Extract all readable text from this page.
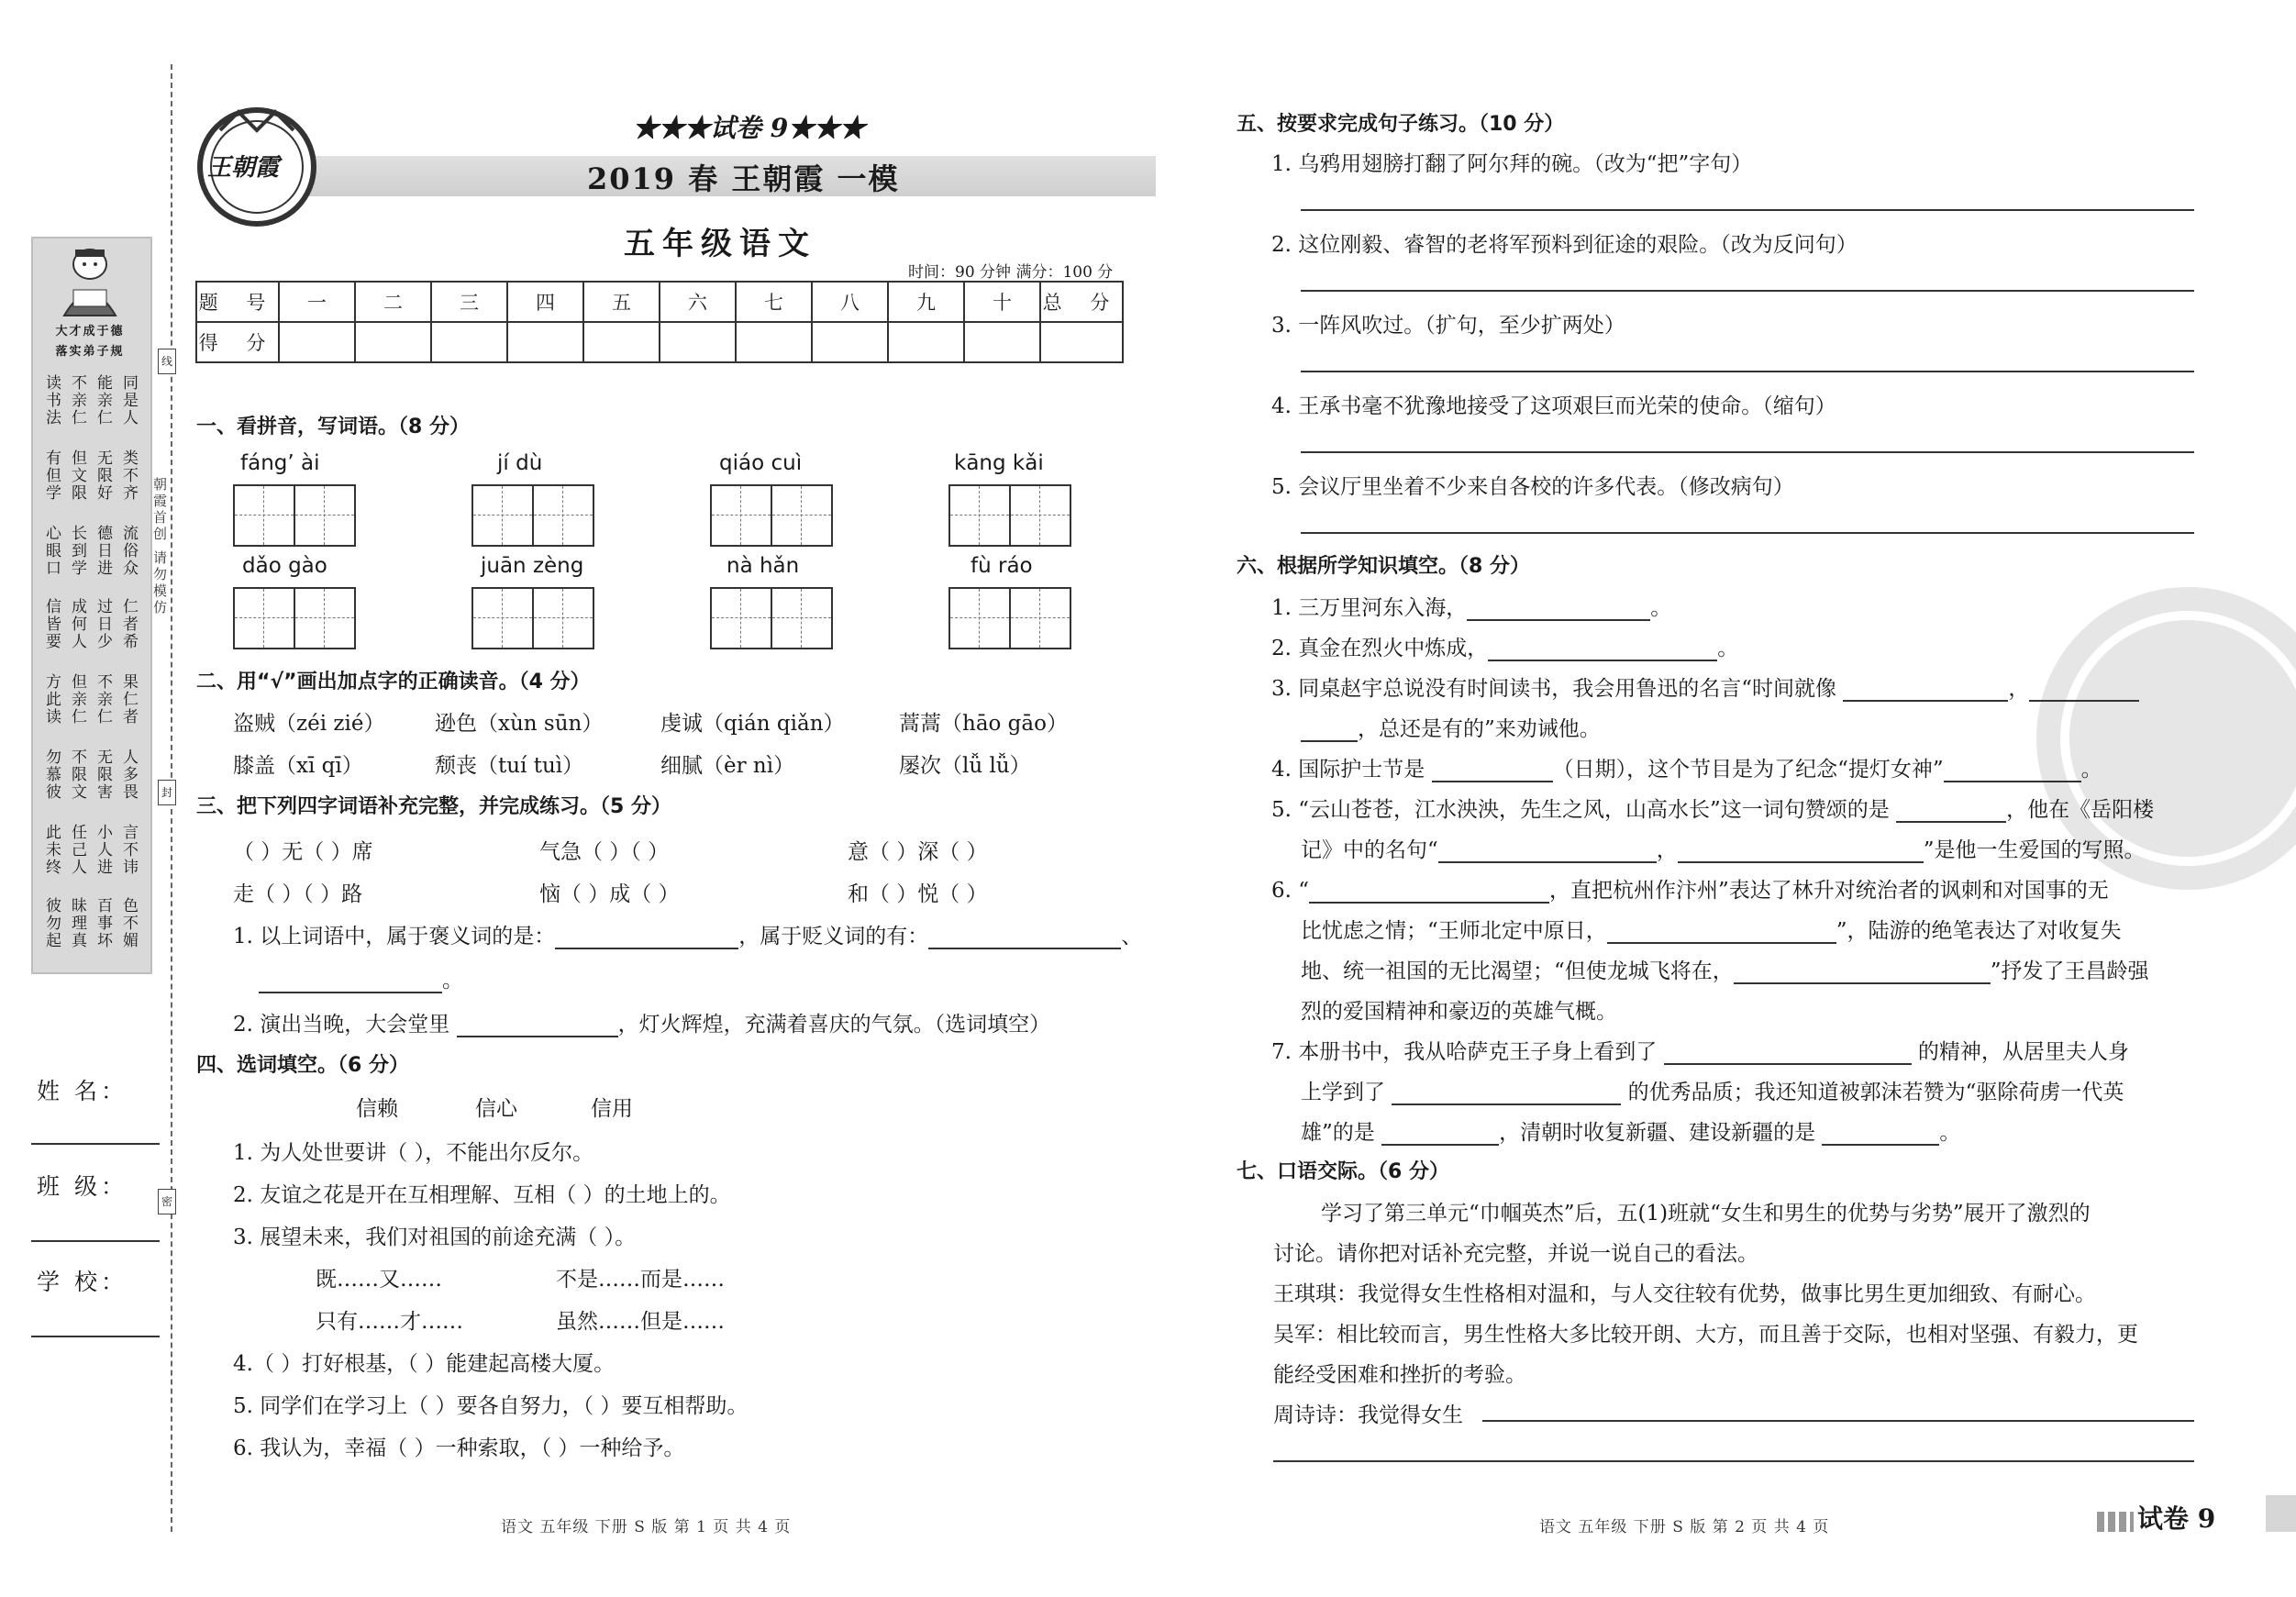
大才成于德
落实弟子规
同是人
能亲仁
不亲仁
读书法
类不齐
无限好
但文限
有但学
流俗众
德日进
长到学
心眼口
仁者希
过日少
成何人
信皆要
果仁者
不亲仁
但亲仁
方此读
人多畏
无限害
不限文
勿慕彼
言不讳
小人进
任己人
此未终
色不媚
百事坏
昧理真
彼勿起
姓 名：
班 级：
学 校：
线
封
密
朝霞首创 请勿模仿
王朝霞
★★★试卷 9★★★
2019 春 王朝霞 一模
五年级语文
时间：90 分钟 满分：100 分
题 号	一	二	三	四	五	六	七	八	九	十	总 分
得 分											
一、看拼音，写词语。（8 分）
fáng’ ài	jí dù	qiáo cuì	kāng kǎi
dǎo gào	juān zèng	nà hǎn	fù ráo
二、用“√”画出加点字的正确读音。（4 分）
盗贼（zéi zié） 逊色（xùn sūn）	虔诚（qián qiǎn）	蒿蒿（hāo gāo）
膝盖（xī qī）	颓丧（tuí tuì）	细腻（èr nì）	屡次（lǚ lǚ）
三、把下列四字词语补充完整，并完成练习。（5 分）
（ ）无（ ）席	气急（ ）（ ）	意（ ）深（ ）
走（ ）（ ）路	恼（ ）成（ ）	和（ ）悦（ ）
1. 以上词语中，属于褒义词的是：	，属于贬义词的有：	、
。
2. 演出当晚，大会堂里	，灯火辉煌，充满着喜庆的气氛。（选词填空）
四、选词填空。（6 分）
信赖	信心	信用
1. 为人处世要讲（ ），不能出尔反尔。
2. 友谊之花是开在互相理解、互相（ ）的土地上的。
3. 展望未来，我们对祖国的前途充满（ ）。
既……又……	不是……而是……
只有……才……	虽然……但是……
4.（ ）打好根基，（ ）能建起高楼大厦。
5. 同学们在学习上（ ）要各自努力，（ ）要互相帮助。
6. 我认为，幸福（ ）一种索取，（ ）一种给予。
语文 五年级 下册 S 版 第 1 页 共 4 页
五、按要求完成句子练习。（10 分）
1. 乌鸦用翅膀打翻了阿尔拜的碗。（改为“把”字句）
2. 这位刚毅、睿智的老将军预料到征途的艰险。（改为反问句）
3. 一阵风吹过。（扩句，至少扩两处）
4. 王承书毫不犹豫地接受了这项艰巨而光荣的使命。（缩句）
5. 会议厅里坐着不少来自各校的许多代表。（修改病句）
六、根据所学知识填空。（8 分）
1. 三万里河东入海，	。
2. 真金在烈火中炼成，	。
3. 同桌赵宇总说没有时间读书，我会用鲁迅的名言“时间就像	，
，总还是有的”来劝诫他。
4. 国际护士节是	（日期），这个节目是为了纪念“提灯女神”	。
5. “云山苍苍，江水泱泱，先生之风，山高水长”这一词句赞颂的是	，他在《岳阳楼
记》中的名句“	，	”是他一生爱国的写照。
6. “	，直把杭州作汴州”表达了林升对统治者的讽刺和对国事的无
比忧虑之情；“王师北定中原日，	”，陆游的绝笔表达了对收复失
地、统一祖国的无比渴望；“但使龙城飞将在，	”抒发了王昌龄强
烈的爱国精神和豪迈的英雄气概。
7. 本册书中，我从哈萨克王子身上看到了	的精神，从居里夫人身
上学到了	的优秀品质；我还知道被郭沫若赞为“驱除荷虏一代英
雄”的是	，清朝时收复新疆、建设新疆的是	。
七、口语交际。（6 分）
学习了第三单元“巾帼英杰”后，五(1)班就“女生和男生的优势与劣势”展开了激烈的
讨论。请你把对话补充完整，并说一说自己的看法。
王琪琪：我觉得女生性格相对温和，与人交往较有优势，做事比男生更加细致、有耐心。
吴军：相比较而言，男生性格大多比较开朗、大方，而且善于交际，也相对坚强、有毅力，更
能经受困难和挫折的考验。
周诗诗：我觉得女生
语文 五年级 下册 S 版 第 2 页 共 4 页	试卷 9
